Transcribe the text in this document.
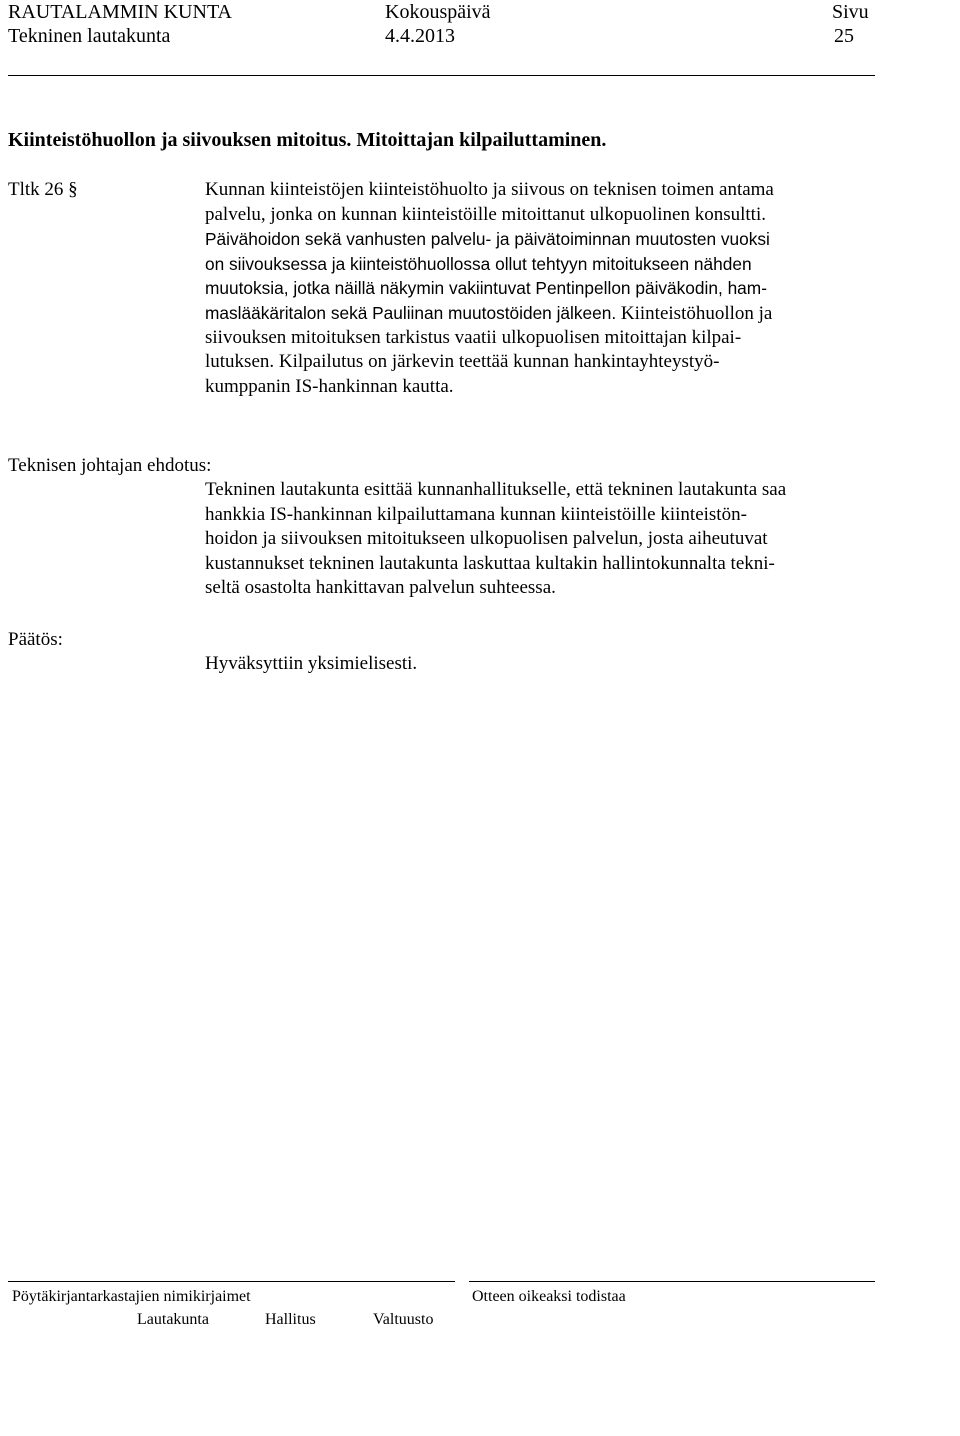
RAUTALAMMIN KUNTA
Tekninen lautakunta
Kokouspäivä
4.4.2013
Sivu
25
Kiinteistöhuollon ja siivouksen mitoitus. Mitoittajan kilpailuttaminen.
Tltk 26 §	Kunnan kiinteistöjen kiinteistöhuolto ja siivous on teknisen toimen antama
palvelu, jonka on kunnan kiinteistöille mitoittanut ulkopuolinen konsultti.
Päivähoidon sekä vanhusten palvelu- ja päivätoiminnan muutosten vuoksi
on siivouksessa ja kiinteistöhuollossa ollut tehtyyn mitoitukseen nähden
muutoksia, jotka näillä näkymin vakiintuvat Pentinpellon päiväkodin, ham-
maslääkäritalon sekä Pauliinan muutostöiden jälkeen. Kiinteistöhuollon ja
siivouksen mitoituksen tarkistus vaatii ulkopuolisen mitoittajan kilpai-
lutuksen. Kilpailutus on järkevin teettää kunnan hankintayhteystyö-
kumppanin IS-hankinnan kautta.
Teknisen johtajan ehdotus:
Tekninen lautakunta esittää kunnanhallitukselle, että tekninen lautakunta saa
hankkia IS-hankinnan kilpailuttamana kunnan kiinteistöille kiinteistön-
hoidon ja siivouksen mitoitukseen ulkopuolisen palvelun, josta aiheutuvat
kustannukset tekninen lautakunta laskuttaa kultakin hallintokunnalta tekni-
seltä osastolta hankittavan palvelun suhteessa.
Päätös:
Hyväksyttiin yksimielisesti.
Pöytäkirjantarkastajien nimikirjaimet
Lautakunta	Hallitus	Valtuusto
Otteen oikeaksi todistaa
